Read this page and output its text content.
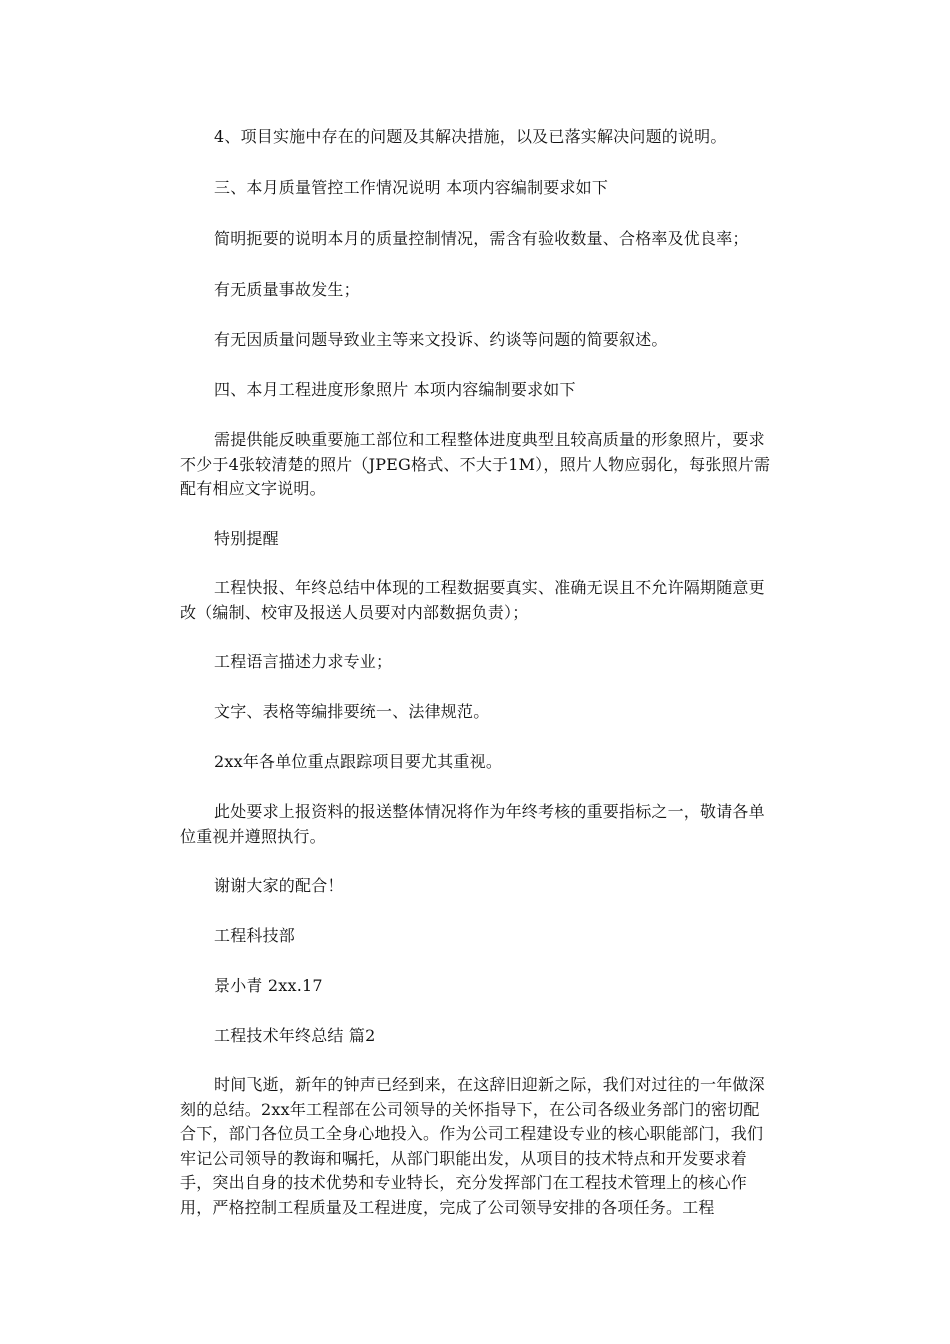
4、项目实施中存在的问题及其解决措施，以及已落实解决问题的说明。

三、本月质量管控工作情况说明 本项内容编制要求如下

简明扼要的说明本月的质量控制情况，需含有验收数量、合格率及优良率；

有无质量事故发生；

有无因质量问题导致业主等来文投诉、约谈等问题的简要叙述。

四、本月工程进度形象照片 本项内容编制要求如下

需提供能反映重要施工部位和工程整体进度典型且较高质量的形象照片，要求不少于4张较清楚的照片（JPEG格式、不大于1M），照片人物应弱化，每张照片需配有相应文字说明。

特别提醒

工程快报、年终总结中体现的工程数据要真实、准确无误且不允许隔期随意更改（编制、校审及报送人员要对内部数据负责）；

工程语言描述力求专业；

文字、表格等编排要统一、法律规范。

2xx年各单位重点跟踪项目要尤其重视。

此处要求上报资料的报送整体情况将作为年终考核的重要指标之一，敬请各单位重视并遵照执行。

谢谢大家的配合！

工程科技部

景小青 2xx.17

工程技术年终总结 篇2

时间飞逝，新年的钟声已经到来，在这辞旧迎新之际，我们对过往的一年做深刻的总结。2xx年工程部在公司领导的关怀指导下，在公司各级业务部门的密切配合下，部门各位员工全身心地投入。作为公司工程建设专业的核心职能部门，我们牢记公司领导的教诲和嘱托，从部门职能出发，从项目的技术特点和开发要求着手，突出自身的技术优势和专业特长，充分发挥部门在工程技术管理上的核心作用，严格控制工程质量及工程进度，完成了公司领导安排的各项任务。工程
